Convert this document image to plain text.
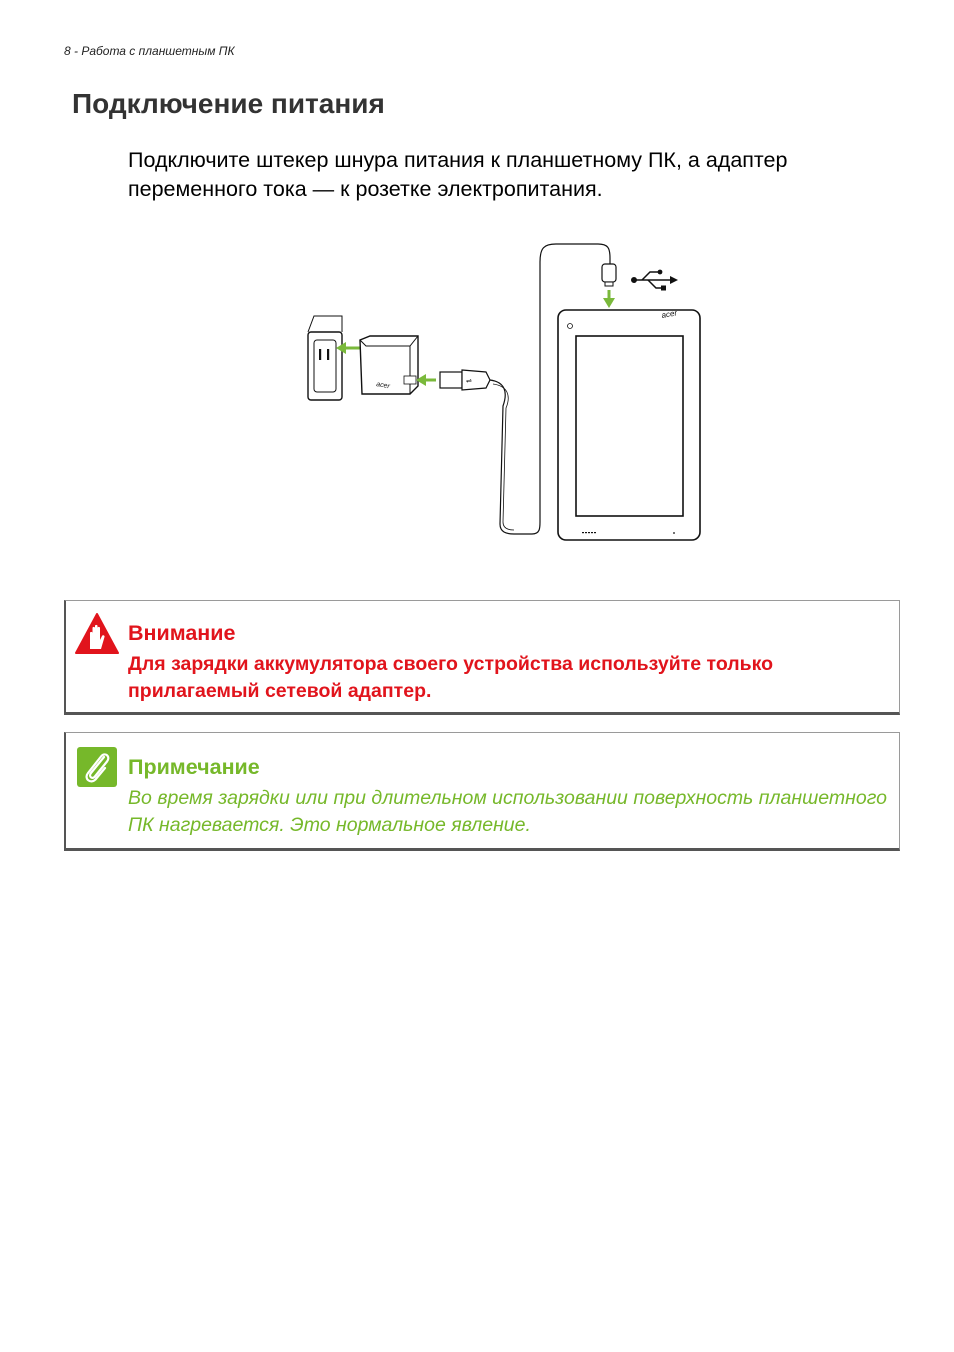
8 - Работа с планшетным ПК
Подключение питания

Подключите штекер шнура питания к планшетному ПК, а адаптер переменного тока — к розетке электропитания.

acer	⇌
acer
Внимание

Для зарядки аккумулятора своего устройства используйте только прилагаемый сетевой адаптер.

Примечание

Во время зарядки или при длительном использовании поверхность планшетного ПК нагревается. Это нормальное явление.
